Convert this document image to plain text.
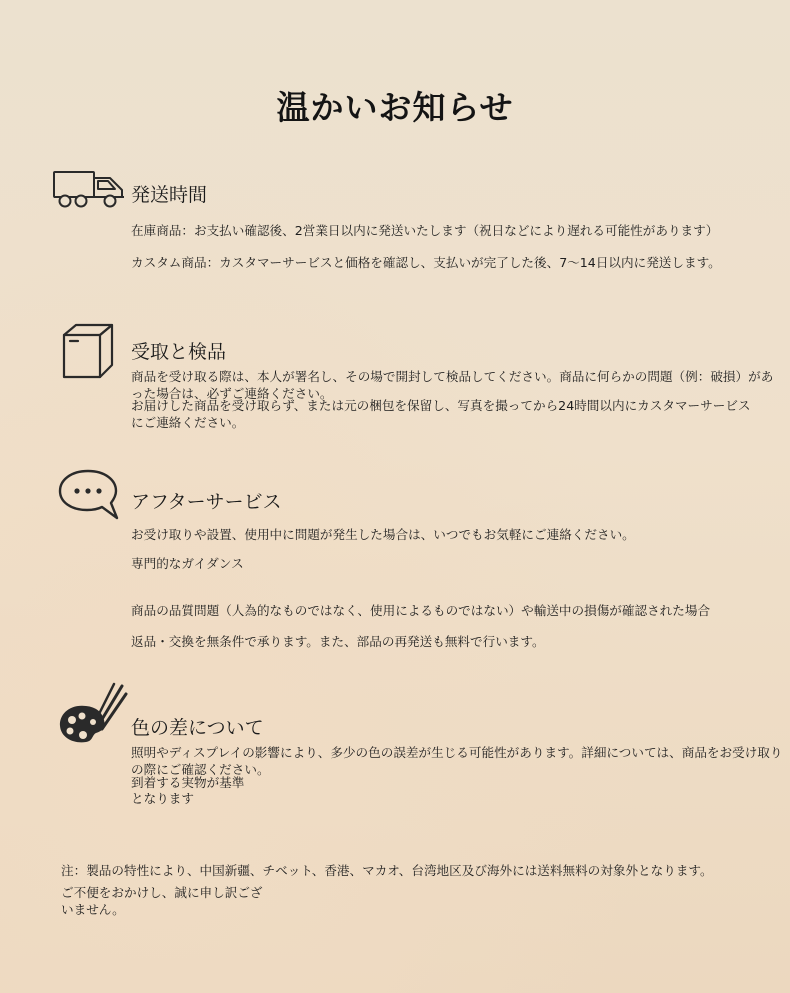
温かいお知らせ
発送時間
在庫商品：お支払い確認後、2営業日以内に発送いたします（祝日などにより遅れる可能性があります）
カスタム商品：カスタマーサービスと価格を確認し、支払いが完了した後、7〜14日以内に発送します。
受取と検品
商品を受け取る際は、本人が署名し、その場で開封して検品してください。商品に何らかの問題（例：破損）があった場合は、必ずご連絡ください。
お届けした商品を受け取らず、または元の梱包を保留し、写真を撮ってから24時間以内にカスタマーサービスにご連絡ください。
アフターサービス
お受け取りや設置、使用中に問題が発生した場合は、いつでもお気軽にご連絡ください。
専門的なガイダンス
商品の品質問題（人為的なものではなく、使用によるものではない）や輸送中の損傷が確認された場合
返品・交換を無条件で承ります。また、部品の再発送も無料で行います。
色の差について
照明やディスプレイの影響により、多少の色の誤差が生じる可能性があります。詳細については、商品をお受け取りの際にご確認ください。
到着する実物が基準
となります
注：製品の特性により、中国新疆、チベット、香港、マカオ、台湾地区及び海外には送料無料の対象外となります。
ご不便をおかけし、誠に申し訳ございません。
